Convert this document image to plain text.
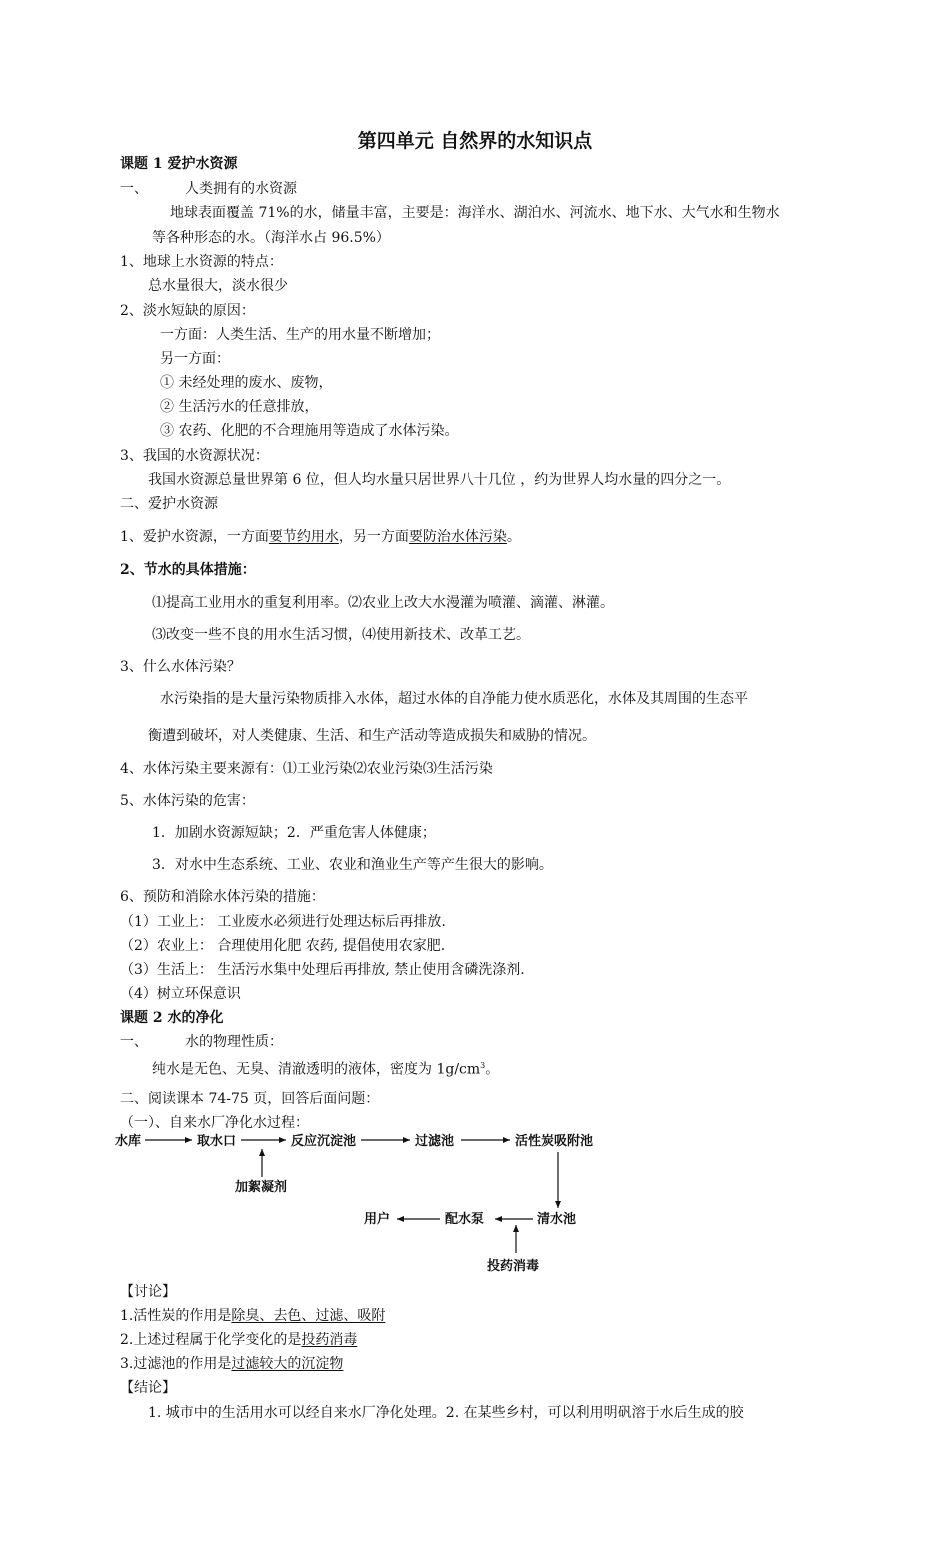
第四单元 自然界的水知识点
课题 1 爱护水资源
一、	人类拥有的水资源
地球表面覆盖 71%的水，储量丰富，主要是：海洋水、湖泊水、河流水、地下水、大气水和生物水
等各种形态的水。（海洋水占 96.5%）
1、地球上水资源的特点：
总水量很大，淡水很少
2、淡水短缺的原因：
一方面：人类生活、生产的用水量不断增加；
另一方面：
① 未经处理的废水、废物，
② 生活污水的任意排放，
③ 农药、化肥的不合理施用等造成了水体污染。
3、我国的水资源状况：
我国水资源总量世界第 6 位，但人均水量只居世界八十几位 ，约为世界人均水量的四分之一。
二、爱护水资源
1、爱护水资源，一方面要节约用水，另一方面要防治水体污染。
2、节水的具体措施：
⑴提高工业用水的重复利用率。⑵农业上改大水漫灌为喷灌、滴灌、淋灌。
⑶改变一些不良的用水生活习惯，⑷使用新技术、改革工艺。
3、什么水体污染？
水污染指的是大量污染物质排入水体，超过水体的自净能力使水质恶化，水体及其周围的生态平
衡遭到破坏，对人类健康、生活、和生产活动等造成损失和威胁的情况。
4、水体污染主要来源有：⑴工业污染⑵农业污染⑶生活污染
5、水体污染的危害：
1．加剧水资源短缺；2．严重危害人体健康；
3．对水中生态系统、工业、农业和渔业生产等产生很大的影响。
6、预防和消除水体污染的措施：
（1）工业上： 工业废水必须进行处理达标后再排放.
（2）农业上： 合理使用化肥 农药, 提倡使用农家肥.
（3）生活上： 生活污水集中处理后再排放, 禁止使用含磷洗涤剂.
（4）树立环保意识
课题 2 水的净化
一、	水的物理性质：
纯水是无色、无臭、清澈透明的液体，密度为 $1g/cm^3$。
二、阅读课本 74-75 页，回答后面问题：
（一）、自来水厂净化水过程：
水库	取水口	反应沉淀池	过滤池	活性炭吸附池
加絮凝剂
清水池
配水泵
用户
投药消毒
【讨论】
1.活性炭的作用是除臭、去色、过滤、吸附
2.上述过程属于化学变化的是投药消毒
3.过滤池的作用是过滤较大的沉淀物
【结论】
1. 城市中的生活用水可以经自来水厂净化处理。2. 在某些乡村，可以利用明矾溶于水后生成的胶
